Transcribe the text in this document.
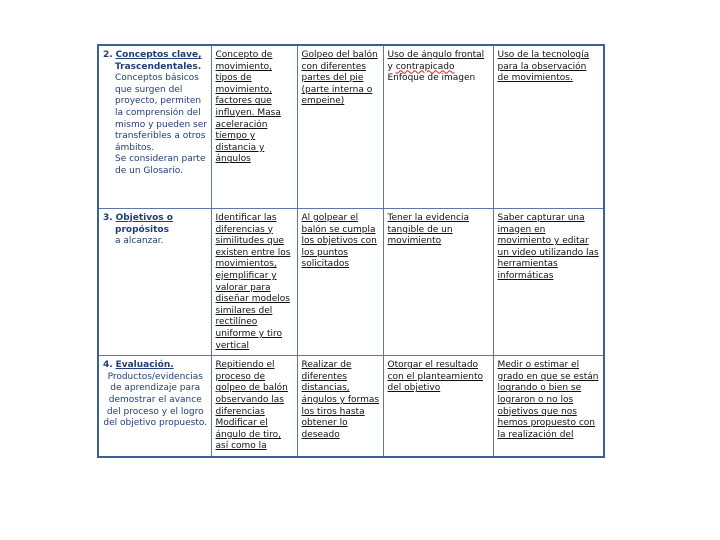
2. Conceptos clave,
Trascendentales.
Conceptos básicos que surgen del proyecto, permiten la comprensión del mismo y pueden ser transferibles a otros ámbitos.
Se consideran parte de un Glosario.	Concepto de movimiento, tipos de movimiento, factores que influyen. Masa aceleración tiempo y distancia y ángulos	Golpeo del balón con diferentes partes del pie (parte interna o empeine)	Uso de ángulo frontal
y contrapicado
Enfoque de imagen	Uso de la tecnología para la observación de movimientos.
3. Objetivos o
propósitos
a alcanzar.	Identificar las diferencias y similitudes que existen entre los movimientos, ejemplificar y valorar para diseñar modelos similares del rectilíneo uniforme y tiro vertical	Al golpear el balón se cumpla los objetivos con los puntos solicitados	Tener la evidencia tangible de un movimiento	Saber capturar una imagen en movimiento y editar un video utilizando las herramientas informáticas
4. Evaluación.
Productos/evidencias de aprendizaje para demostrar el avance del proceso y el logro del objetivo propuesto.	Repitiendo el proceso de golpeo de balón observando las diferencias Modificar el ángulo de tiro, así como la	Realizar de diferentes distancias, ángulos y formas los tiros hasta obtener lo deseado	Otorgar el resultado con el planteamiento del objetivo	Medir o estimar el grado en que se están logrando o bien se lograron o no los objetivos que nos hemos propuesto con la realización del
